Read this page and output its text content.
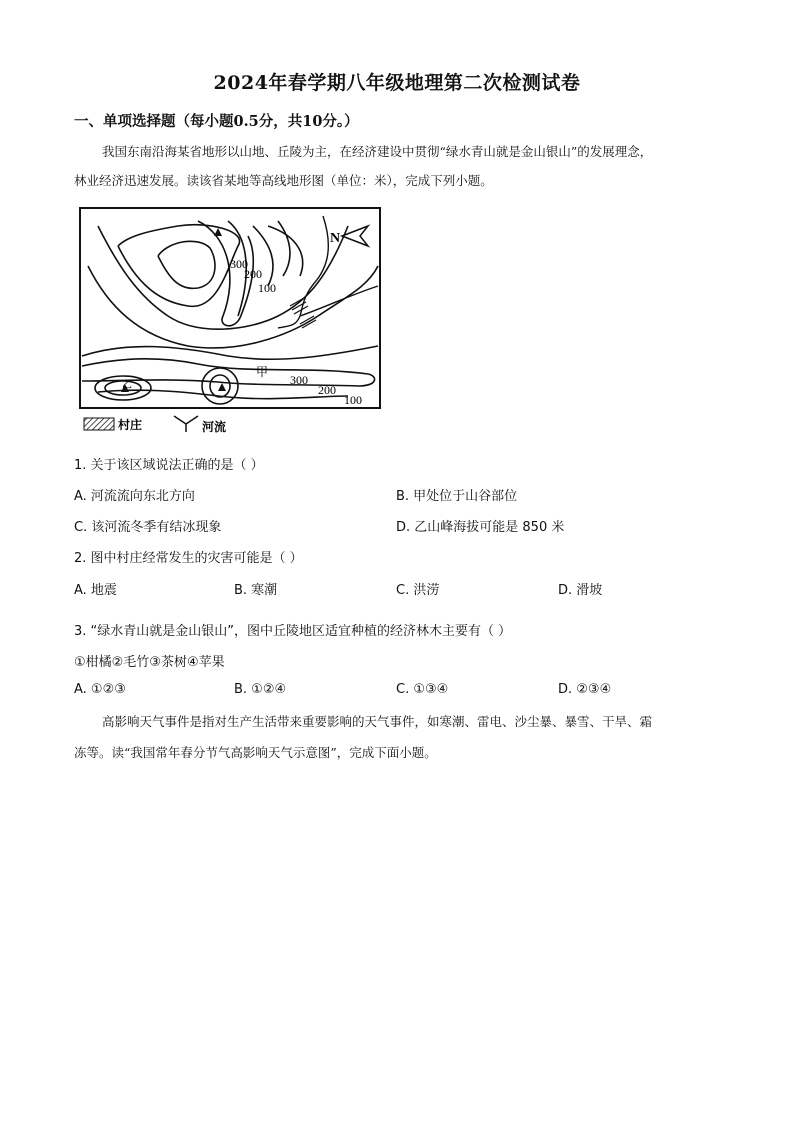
2024年春学期八年级地理第二次检测试卷
一、单项选择题（每小题0.5分，共10分。）
我国东南沿海某省地形以山地、丘陵为主，在经济建设中贯彻“绿水青山就是金山银山”的发展理念，
林业经济迅速发展。读该省某地等高线地形图（单位：米），完成下列小题。
N
300
200
100
300
200
100
甲
乙
村庄	河流
1. 关于该区域说法正确的是（ ）
A. 河流流向东北方向	B. 甲处位于山谷部位
C. 该河流冬季有结冰现象	D. 乙山峰海拔可能是 850 米
2. 图中村庄经常发生的灾害可能是（ ）
A. 地震	B. 寒潮	C. 洪涝	D. 滑坡
3. “绿水青山就是金山银山”，图中丘陵地区适宜种植的经济林木主要有（ ）
①柑橘②毛竹③茶树④苹果
A. ①②③	B. ①②④	C. ①③④	D. ②③④
高影响天气事件是指对生产生活带来重要影响的天气事件，如寒潮、雷电、沙尘暴、暴雪、干旱、霜
冻等。读“我国常年春分节气高影响天气示意图”，完成下面小题。
